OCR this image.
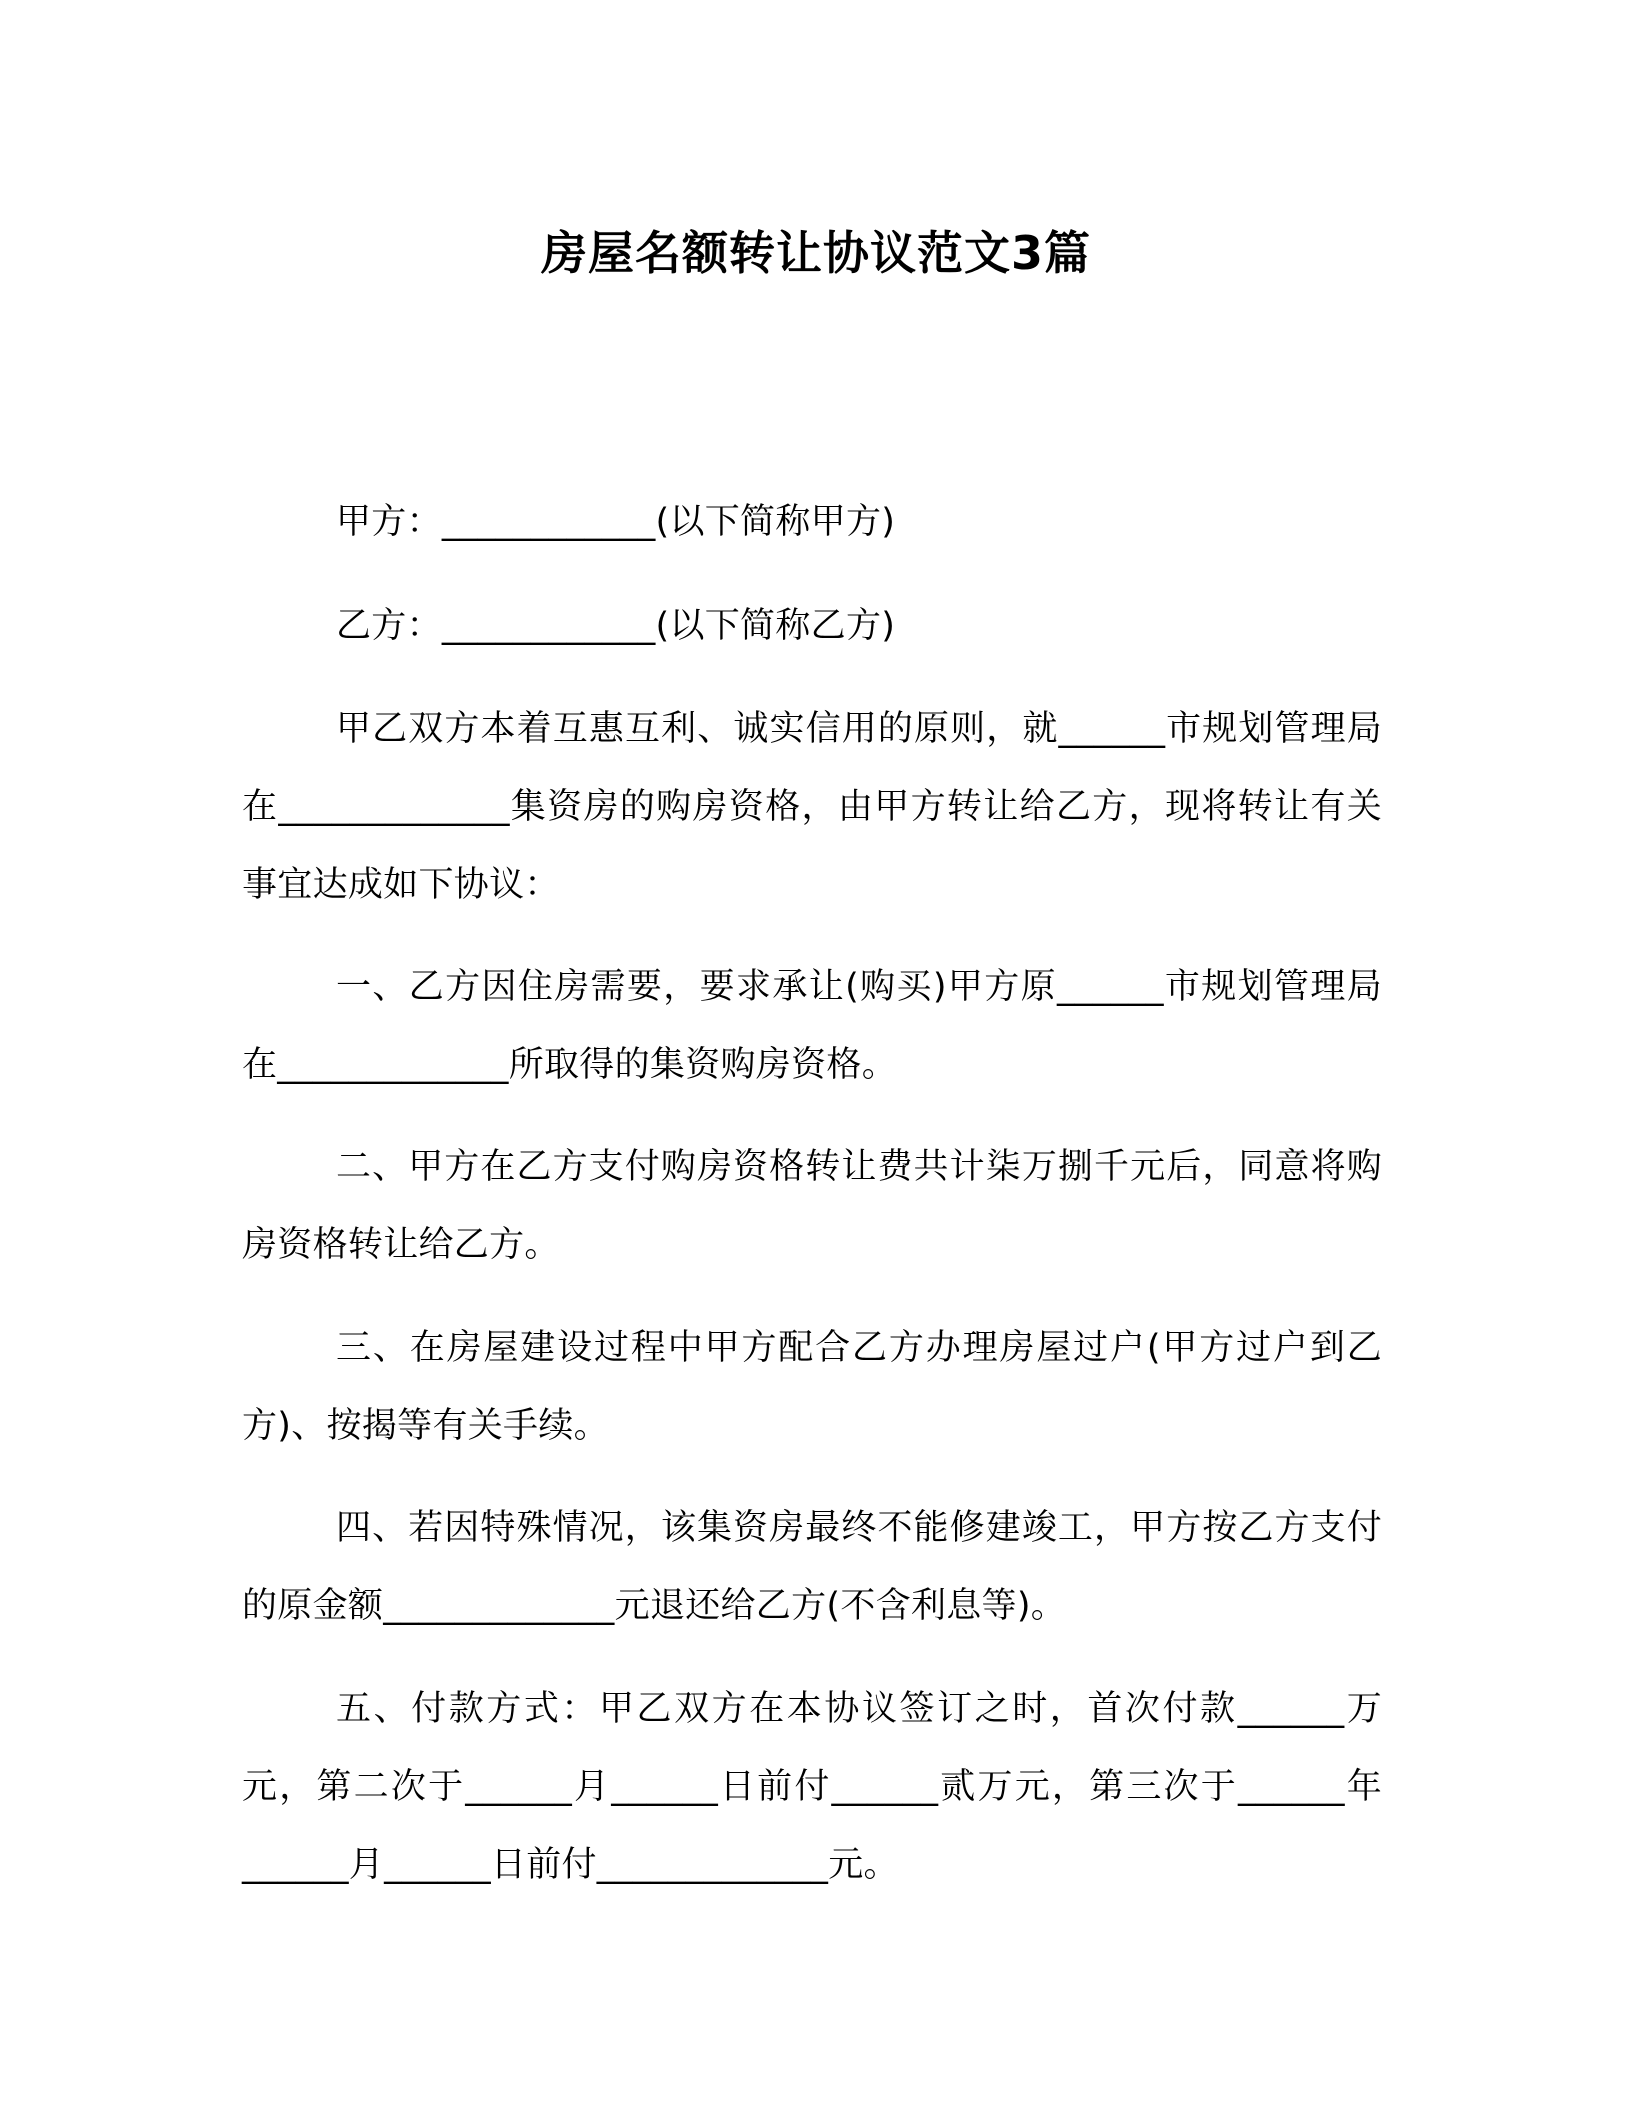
房屋名额转让协议范文3篇
甲方：____________(以下简称甲方)
乙方：____________(以下简称乙方)
甲乙双方本着互惠互利、诚实信用的原则，就______市规划管理局在_____________集资房的购房资格，由甲方转让给乙方，现将转让有关事宜达成如下协议：
一、乙方因住房需要，要求承让(购买)甲方原______市规划管理局在_____________所取得的集资购房资格。
二、甲方在乙方支付购房资格转让费共计柒万捌千元后，同意将购房资格转让给乙方。
三、在房屋建设过程中甲方配合乙方办理房屋过户(甲方过户到乙方)、按揭等有关手续。
四、若因特殊情况，该集资房最终不能修建竣工，甲方按乙方支付的原金额_____________元退还给乙方(不含利息等)。
五、付款方式：甲乙双方在本协议签订之时，首次付款______万元，第二次于______月______日前付______贰万元，第三次于______年______月______日前付_____________元。
